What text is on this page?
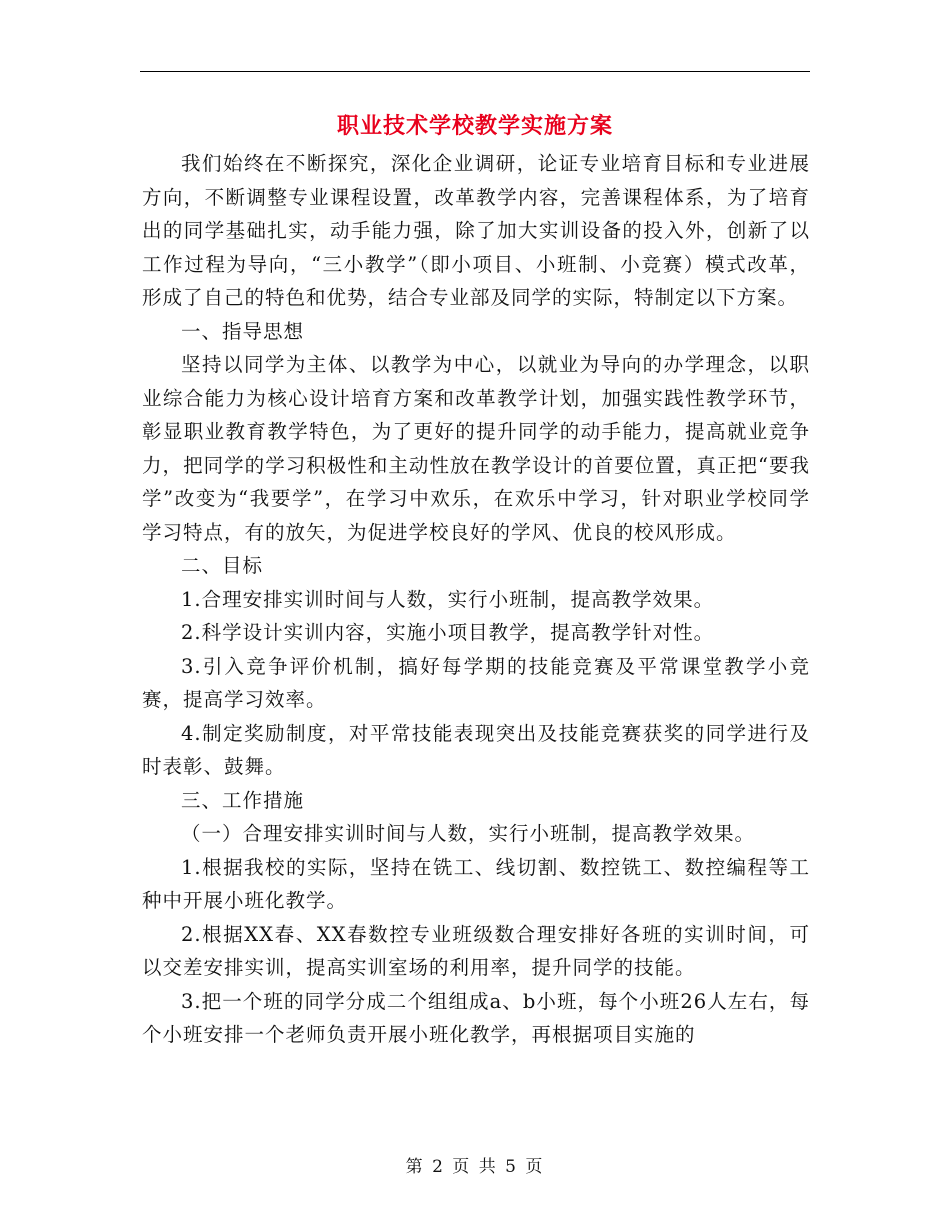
职业技术学校教学实施方案

我们始终在不断探究，深化企业调研，论证专业培育目标和专业进展方向，不断调整专业课程设置，改革教学内容，完善课程体系，为了培育出的同学基础扎实，动手能力强，除了加大实训设备的投入外，创新了以工作过程为导向，“三小教学”（即小项目、小班制、小竞赛）模式改革，形成了自己的特色和优势，结合专业部及同学的实际，特制定以下方案。

一、指导思想

坚持以同学为主体、以教学为中心，以就业为导向的办学理念，以职业综合能力为核心设计培育方案和改革教学计划，加强实践性教学环节，彰显职业教育教学特色，为了更好的提升同学的动手能力，提高就业竞争力，把同学的学习积极性和主动性放在教学设计的首要位置，真正把“要我学”改变为“我要学”，在学习中欢乐，在欢乐中学习，针对职业学校同学学习特点，有的放矢，为促进学校良好的学风、优良的校风形成。

二、目标

1.合理安排实训时间与人数，实行小班制，提高教学效果。

2.科学设计实训内容，实施小项目教学，提高教学针对性。

3.引入竞争评价机制，搞好每学期的技能竞赛及平常课堂教学小竞赛，提高学习效率。

4.制定奖励制度，对平常技能表现突出及技能竞赛获奖的同学进行及时表彰、鼓舞。

三、工作措施

（一）合理安排实训时间与人数，实行小班制，提高教学效果。

1.根据我校的实际，坚持在铣工、线切割、数控铣工、数控编程等工种中开展小班化教学。

2.根据XX春、XX春数控专业班级数合理安排好各班的实训时间，可以交差安排实训，提高实训室场的利用率，提升同学的技能。

3.把一个班的同学分成二个组组成a、b小班，每个小班26人左右，每个小班安排一个老师负责开展小班化教学，再根据项目实施的

第 2 页 共 5 页
